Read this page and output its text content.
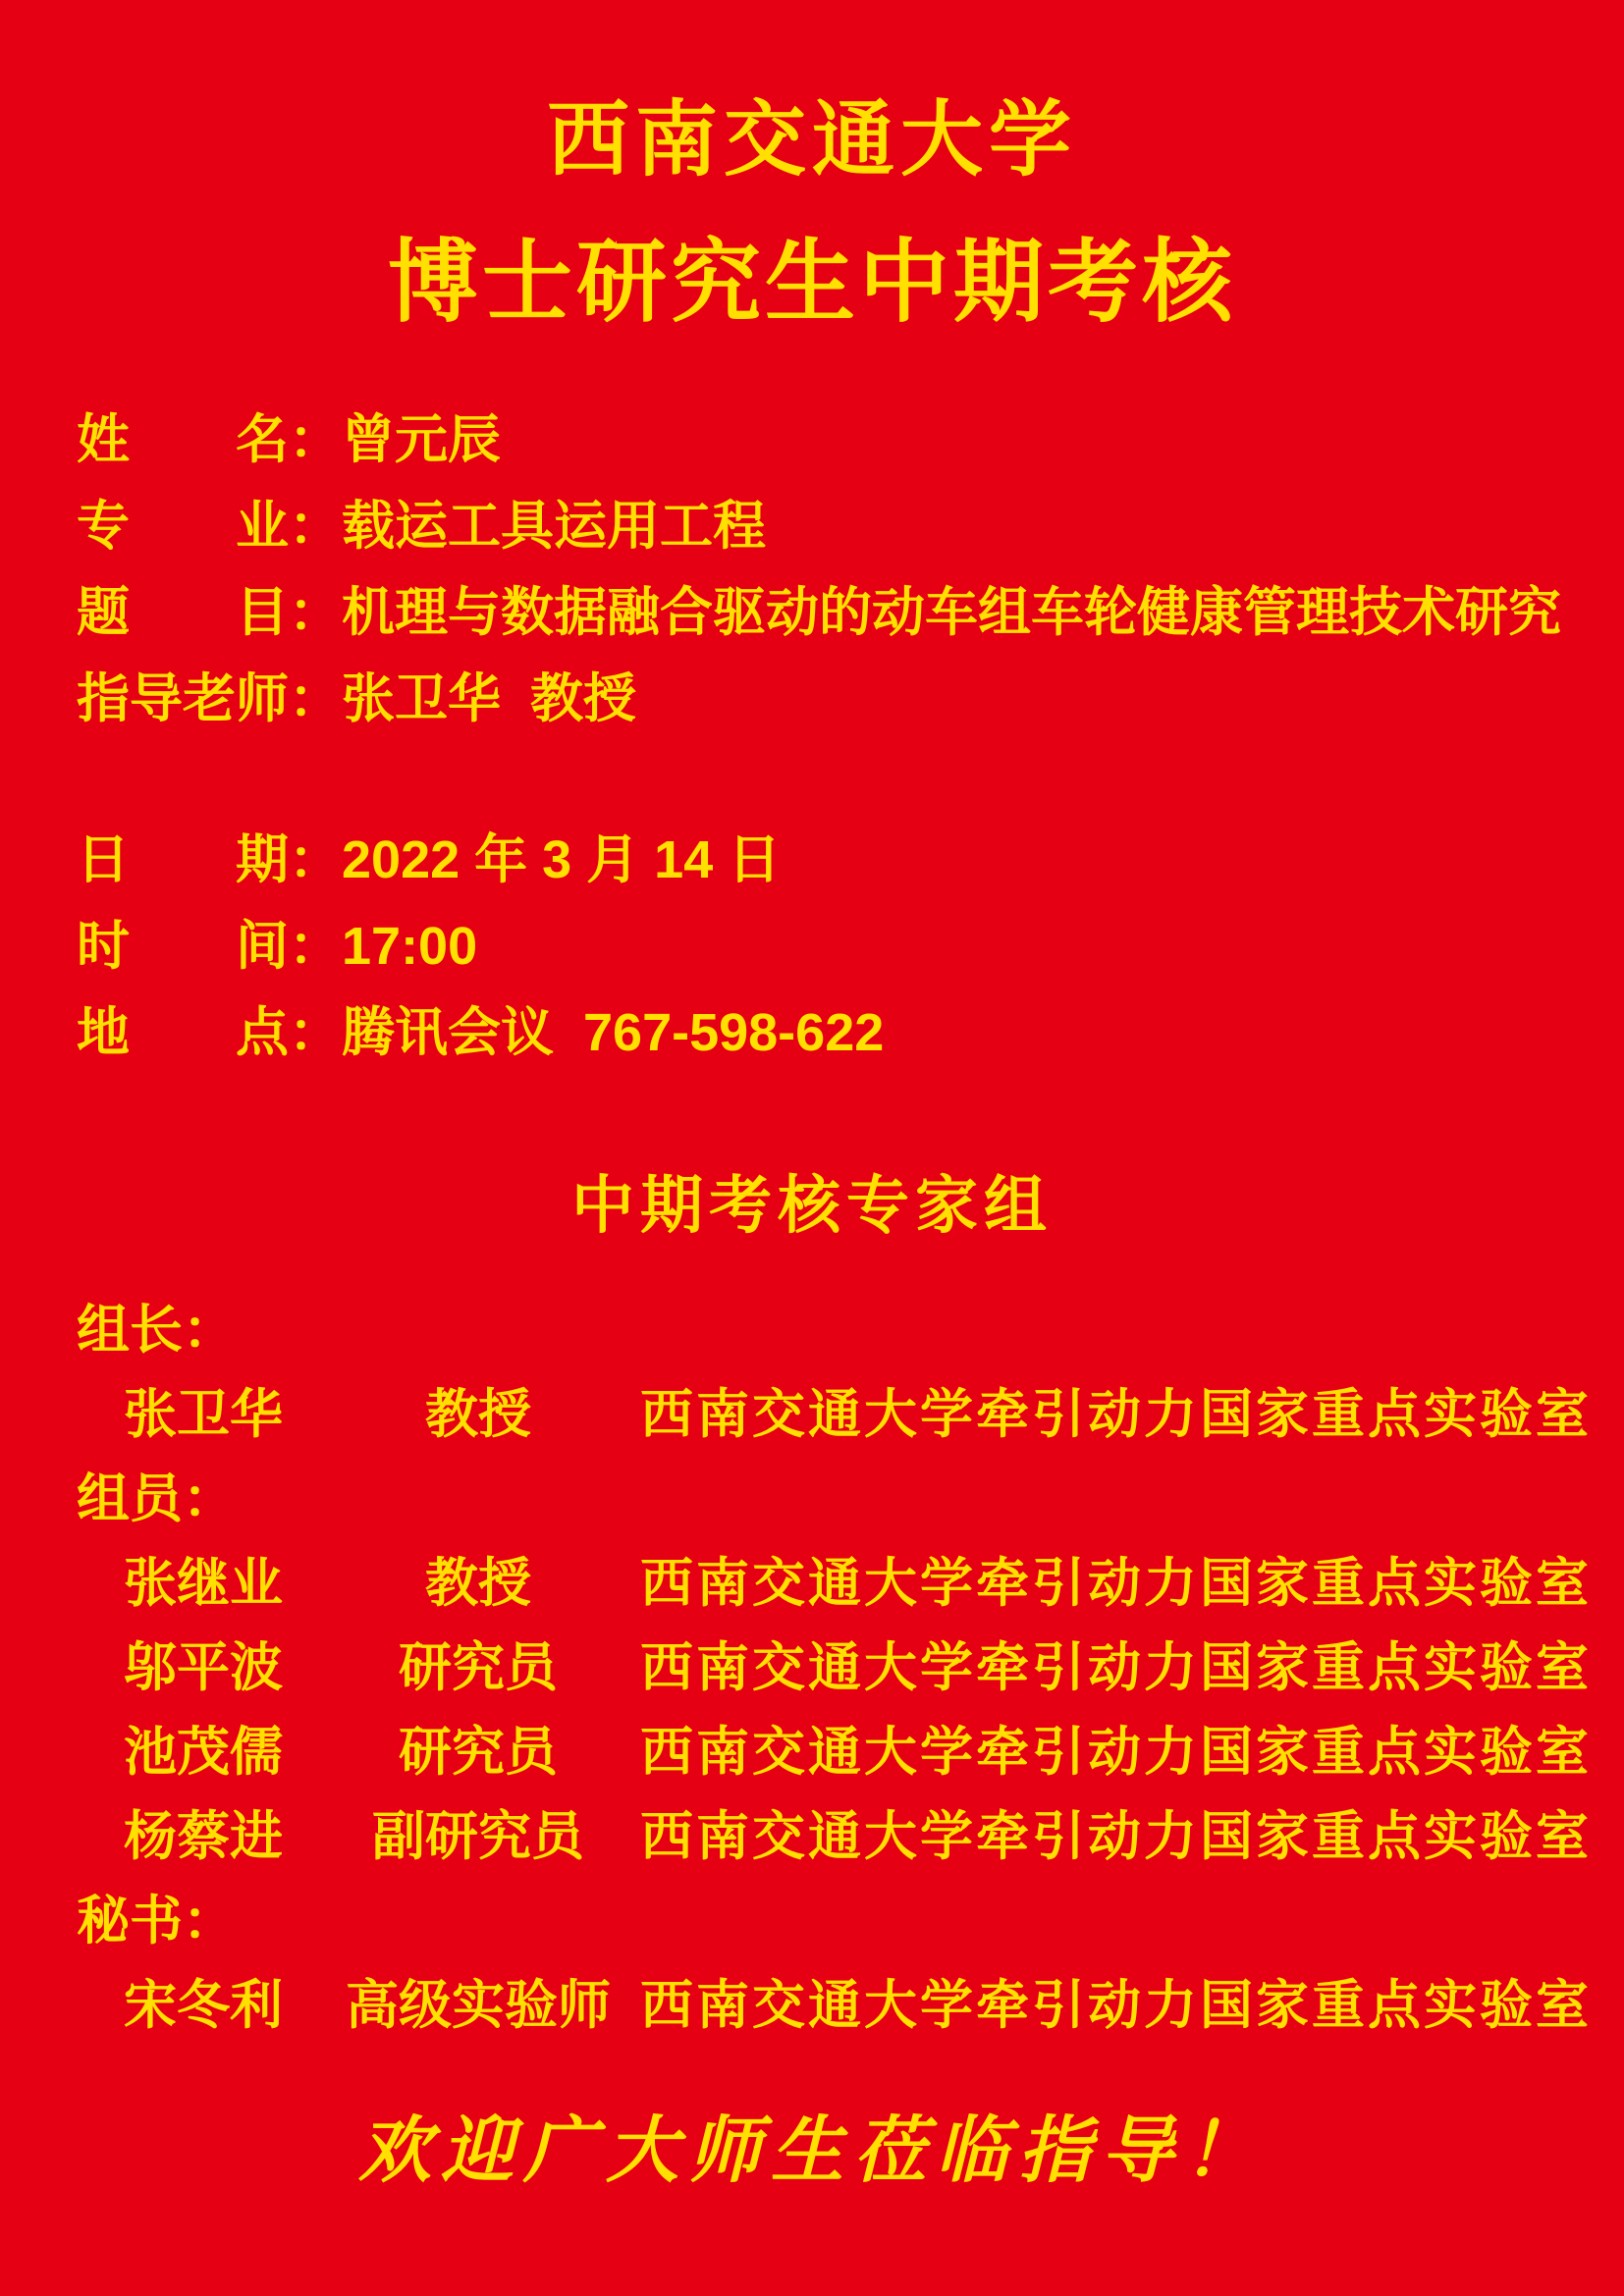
西南交通大学
博士研究生中期考核
姓　　名： 曾元辰
专　　业： 载运工具运用工程
题　　目： 机理与数据融合驱动的动车组车轮健康管理技术研究
指导老师： 张卫华  教授
日　　期： 2022 年 3 月 14 日
时　　间： 17:00
地　　点： 腾讯会议  767-598-622
中期考核专家组
组长：
张卫华	教授	西南交通大学牵引动力国家重点实验室
组员：
张继业	教授	西南交通大学牵引动力国家重点实验室
邬平波	研究员	西南交通大学牵引动力国家重点实验室
池茂儒	研究员	西南交通大学牵引动力国家重点实验室
杨蔡进	副研究员	西南交通大学牵引动力国家重点实验室
秘书：
宋冬利	高级实验师 西南交通大学牵引动力国家重点实验室
欢迎广大师生莅临指导！
